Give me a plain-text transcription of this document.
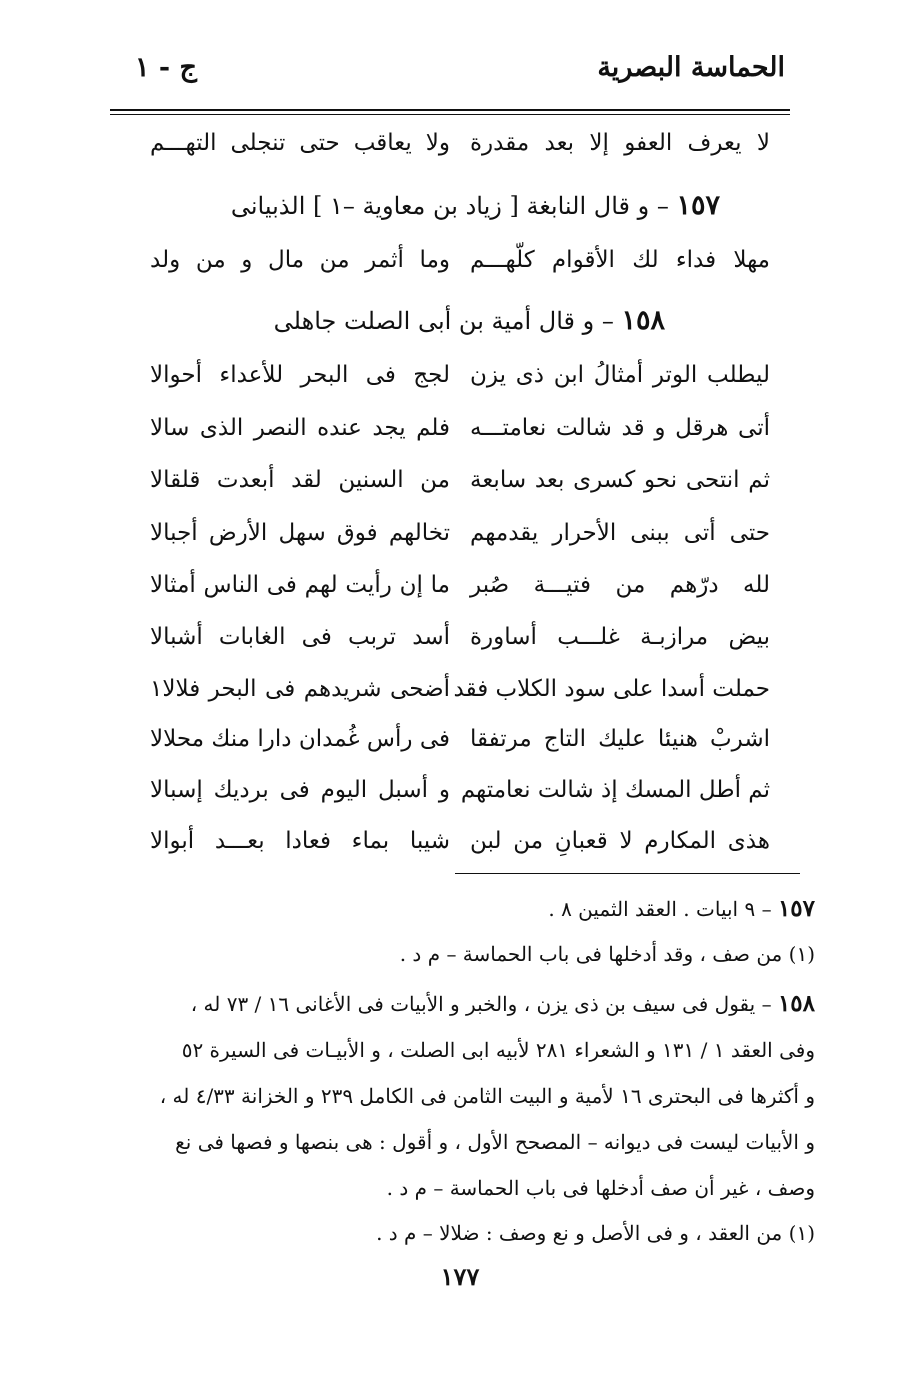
الحماسة البصرية
ج - ١
لا يعرف العفو إلا بعد مقدرة
ولا يعاقب حتى تنجلى التهـــم
١٥٧ – و قال النابغة [ زياد بن معاوية –١ ] الذبيانى
مهلا فداء لك الأقوام كلّهـــم
وما أثمر من مال و من ولد
١٥٨ – و قال أمية بن أبى الصلت جاهلى
ليطلب الوتر أمثالُ ابن ذى يزن
لجج فى البحر للأعداء أحوالا
أتى هرقل و قد شالت نعامتـــه
فلم يجد عنده النصر الذى سالا
ثم انتحى نحو كسرى بعد سابعة
من السنين لقد أبعدت قلقالا
حتى أتى ببنى الأحرار يقدمهم
تخالهم فوق سهل الأرض أجبالا
لله درّهم من فتيـــة صُبر
ما إن رأيت لهم فى الناس أمثالا
بيض مرازبـة غلـــب أساورة
أسد تربب فى الغابات أشبالا
حملت أسدا على سود الكلاب فقد
أضحى شريدهم فى البحر فلالا١
اشربْ هنيئا عليك التاج مرتفقا
فى رأس غُمدان دارا منك محلالا
ثم أطل المسك إذ شالت نعامتهم
و أسبل اليوم فى برديك إسبالا
هذى المكارم لا قعبانِ من لبن
شيبا بماء فعادا بعـــد أبوالا
١٥٧ – ٩ ابيات . العقد الثمين ٨ .
(١) من صف ، وقد أدخلها فى باب الحماسة – م د .
١٥٨ – يقول فى سيف بن ذى يزن ، والخبر و الأبيات فى الأغانى ١٦ / ٧٣ له ،
وفى العقد ١ / ١٣١ و الشعراء ٢٨١ لأبيه ابى الصلت ، و الأبيـات فى السيرة ٥٢
و أكثرها فى البحترى ١٦ لأمية و البيت الثامن فى الكامل ٢٣٩ و الخزانة ٤/٣٣ له ،
و الأبيات ليست فى ديوانه – المصحح الأول ، و أقول : هى بنصها و فصها فى نع
وصف ، غير أن صف أدخلها فى باب الحماسة – م د .
(١) من العقد ، و فى الأصل و نع وصف : ضلالا – م د .
١٧٧
